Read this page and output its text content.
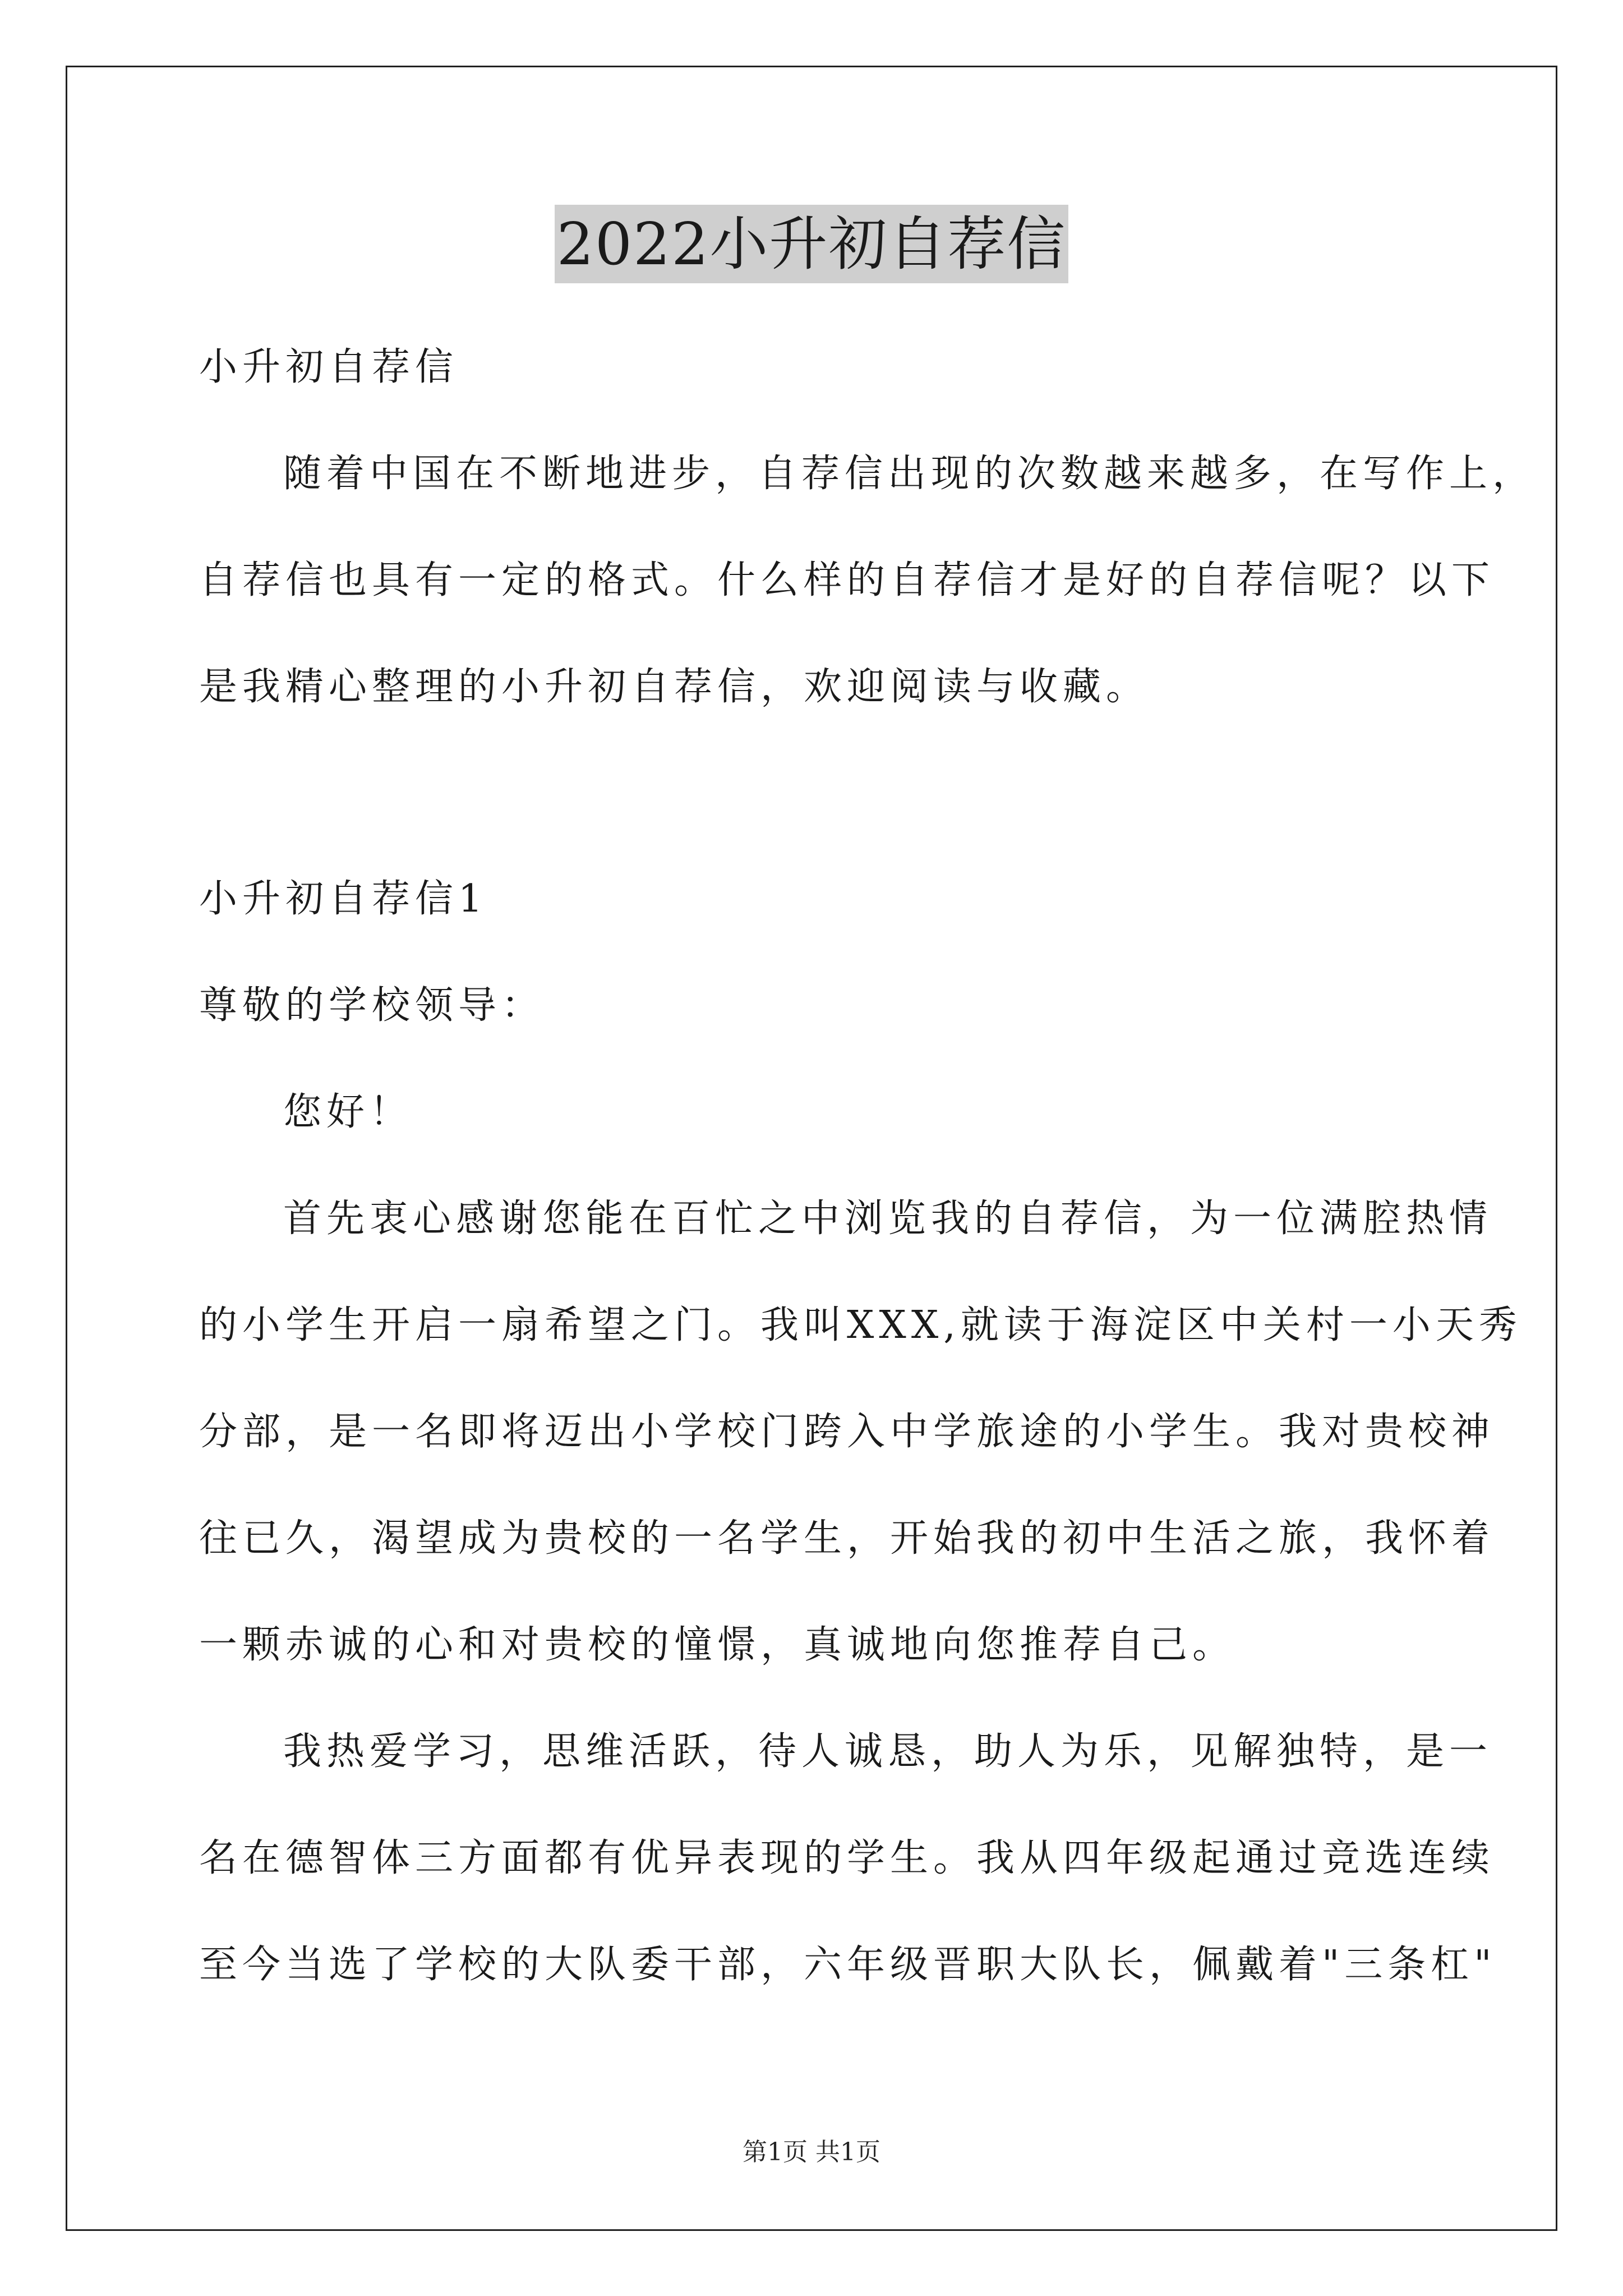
2022小升初自荐信
小升初自荐信
随着中国在不断地进步，自荐信出现的次数越来越多，在写作上，
自荐信也具有一定的格式。什么样的自荐信才是好的自荐信呢？以下
是我精心整理的小升初自荐信，欢迎阅读与收藏。
小升初自荐信1
尊敬的学校领导：
您好！
首先衷心感谢您能在百忙之中浏览我的自荐信，为一位满腔热情
的小学生开启一扇希望之门。我叫XXX,就读于海淀区中关村一小天秀
分部，是一名即将迈出小学校门跨入中学旅途的小学生。我对贵校神
往已久，渴望成为贵校的一名学生，开始我的初中生活之旅，我怀着
一颗赤诚的心和对贵校的憧憬，真诚地向您推荐自己。
我热爱学习，思维活跃，待人诚恳，助人为乐，见解独特，是一
名在德智体三方面都有优异表现的学生。我从四年级起通过竞选连续
至今当选了学校的大队委干部，六年级晋职大队长，佩戴着"三条杠"
第1页 共1页
